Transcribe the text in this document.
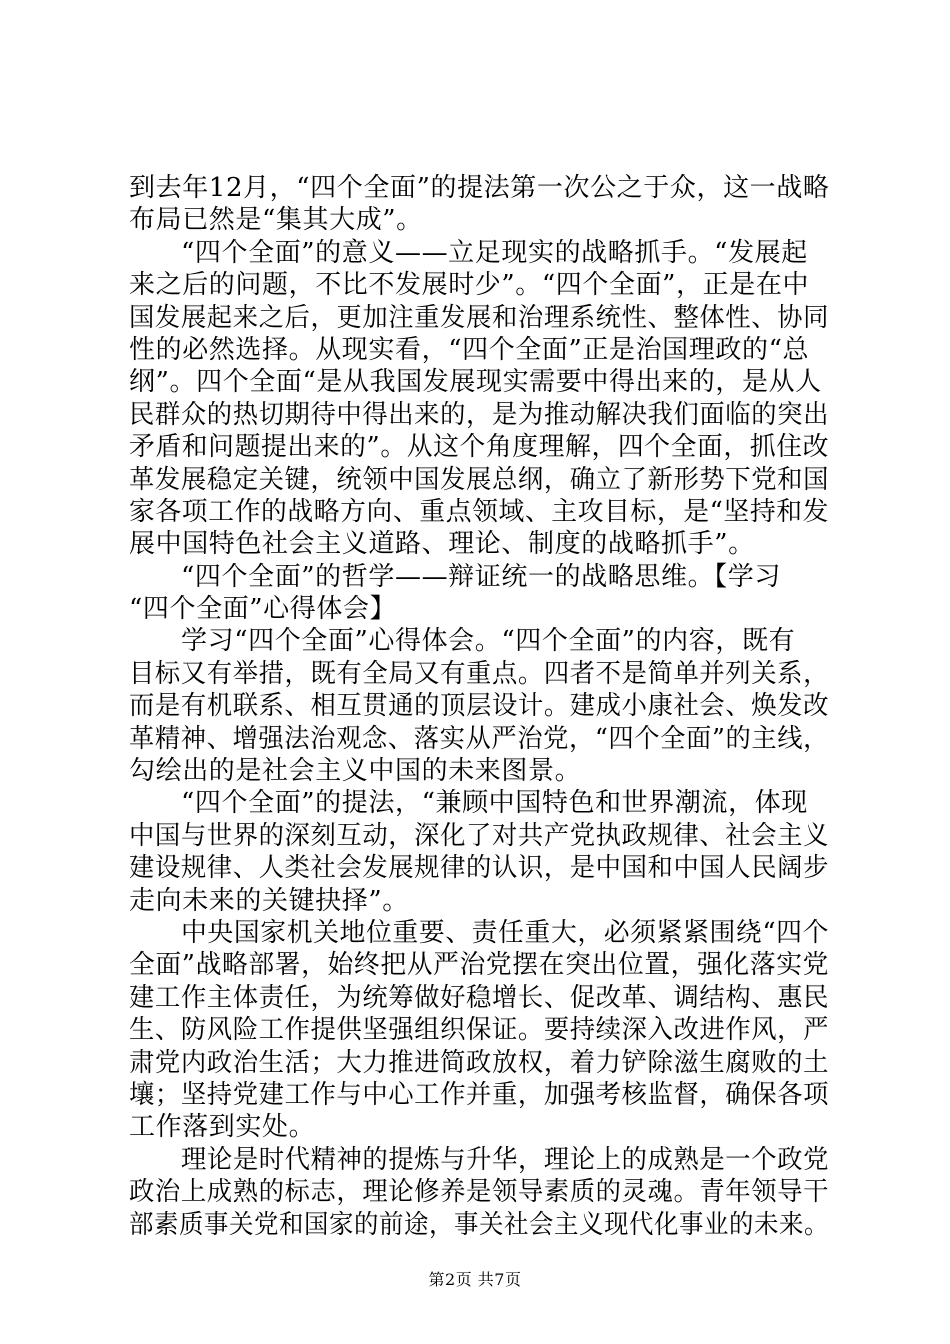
到去年12月，“四个全面”的提法第一次公之于众，这一战略
布局已然是“集其大成”。
“四个全面”的意义——立足现实的战略抓手。“发展起
来之后的问题，不比不发展时少”。“四个全面”，正是在中
国发展起来之后，更加注重发展和治理系统性、整体性、协同
性的必然选择。从现实看，“四个全面”正是治国理政的“总
纲”。四个全面“是从我国发展现实需要中得出来的，是从人
民群众的热切期待中得出来的，是为推动解决我们面临的突出
矛盾和问题提出来的”。从这个角度理解，四个全面，抓住改
革发展稳定关键，统领中国发展总纲，确立了新形势下党和国
家各项工作的战略方向、重点领域、主攻目标，是“坚持和发
展中国特色社会主义道路、理论、制度的战略抓手”。
“四个全面”的哲学——辩证统一的战略思维。【学习
“四个全面”心得体会】
学习“四个全面”心得体会。“四个全面”的内容，既有
目标又有举措，既有全局又有重点。四者不是简单并列关系，
而是有机联系、相互贯通的顶层设计。建成小康社会、焕发改
革精神、增强法治观念、落实从严治党，“四个全面”的主线，
勾绘出的是社会主义中国的未来图景。
“四个全面”的提法，“兼顾中国特色和世界潮流，体现
中国与世界的深刻互动，深化了对共产党执政规律、社会主义
建设规律、人类社会发展规律的认识，是中国和中国人民阔步
走向未来的关键抉择”。
中央国家机关地位重要、责任重大，必须紧紧围绕“四个
全面”战略部署，始终把从严治党摆在突出位置，强化落实党
建工作主体责任，为统筹做好稳增长、促改革、调结构、惠民
生、防风险工作提供坚强组织保证。要持续深入改进作风，严
肃党内政治生活；大力推进简政放权，着力铲除滋生腐败的土
壤；坚持党建工作与中心工作并重，加强考核监督，确保各项
工作落到实处。
理论是时代精神的提炼与升华，理论上的成熟是一个政党
政治上成熟的标志，理论修养是领导素质的灵魂。青年领导干
部素质事关党和国家的前途，事关社会主义现代化事业的未来。
第2页 共7页
